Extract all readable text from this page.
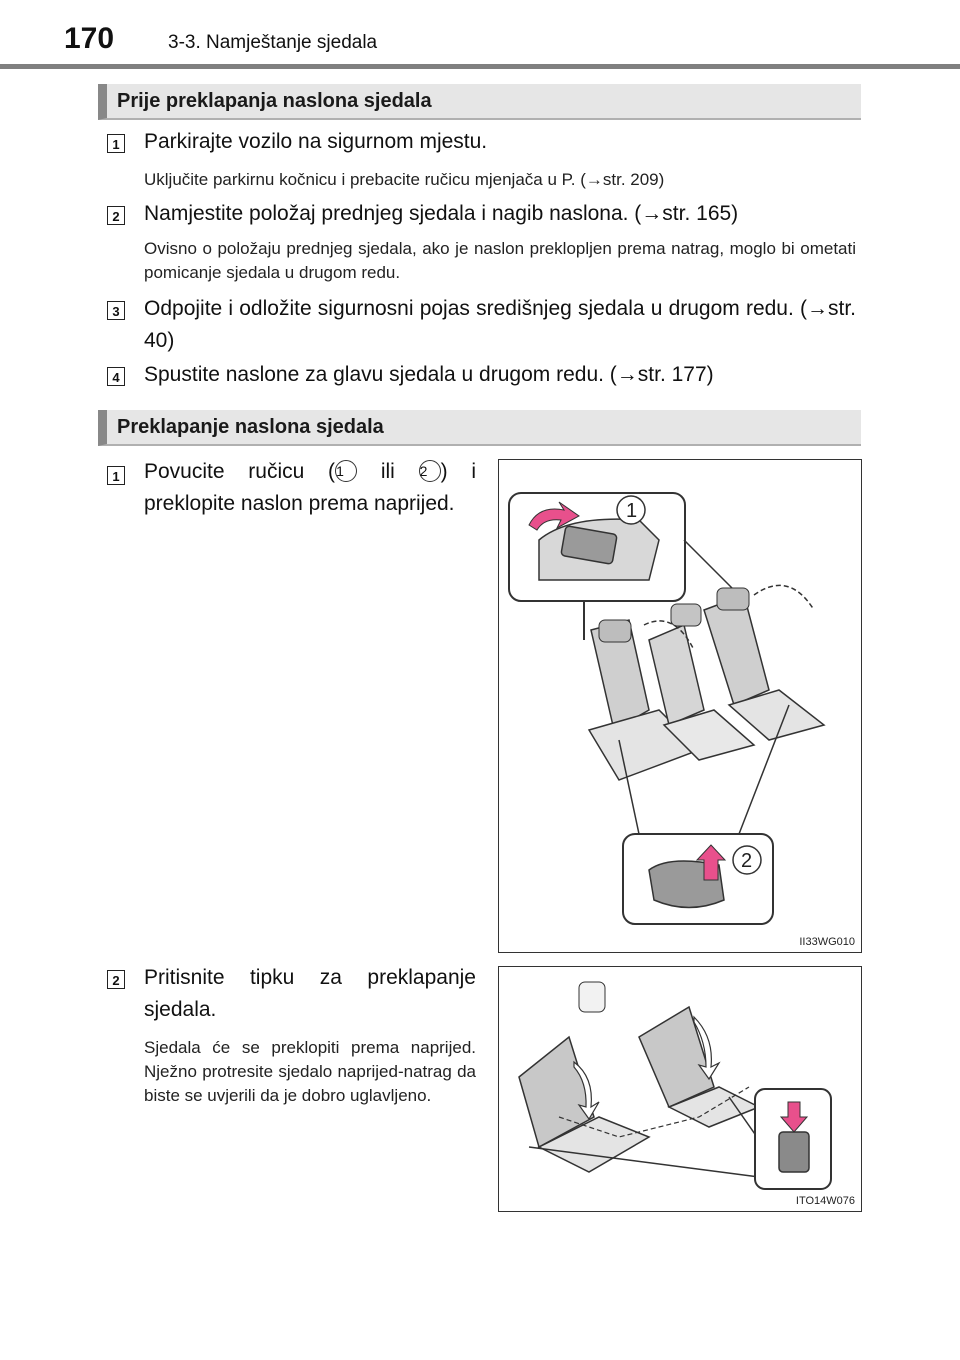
170	3-3. Namještanje sjedala
Prije preklapanja naslona sjedala
1 Parkirajte vozilo na sigurnom mjestu.
Uključite parkirnu kočnicu i prebacite ručicu mjenjača u P. (→str. 209)
2 Namjestite položaj prednjeg sjedala i nagib naslona. (→str. 165)
Ovisno o položaju prednjeg sjedala, ako je naslon preklopljen prema natrag, moglo bi ometati pomicanje sjedala u drugom redu.
3 Odpojite i odložite sigurnosni pojas središnjeg sjedala u drugom redu. (→str. 40)
4 Spustite naslone za glavu sjedala u drugom redu. (→str. 177)
Preklapanje naslona sjedala
1 Povucite ručicu (1 ili 2 ) i preklopite naslon prema naprijed.	1
2
II33WG010
2 Pritisnite tipku za preklapanje sjedala.
Sjedala će se preklopiti prema naprijed. Nježno protresite sjedalo naprijed-natrag da biste se uvjerili da je dobro uglavljeno.
ITO14W076
